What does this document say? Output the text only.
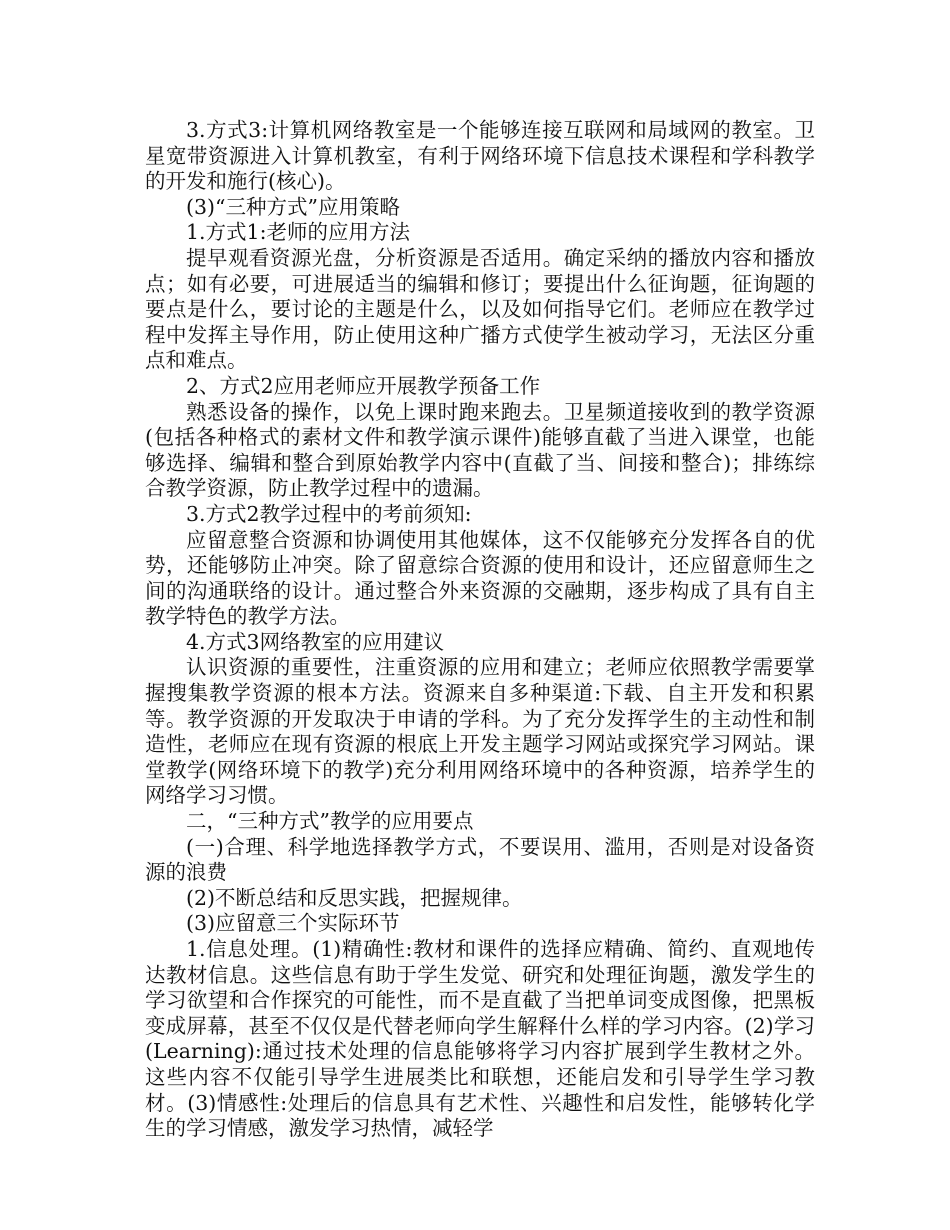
3.方式3:计算机网络教室是一个能够连接互联网和局域网的教室。卫星宽带资源进入计算机教室，有利于网络环境下信息技术课程和学科教学的开发和施行(核心)。

(3)“三种方式”应用策略

1.方式1:老师的应用方法

提早观看资源光盘，分析资源是否适用。确定采纳的播放内容和播放点；如有必要，可进展适当的编辑和修订；要提出什么征询题，征询题的要点是什么，要讨论的主题是什么，以及如何指导它们。老师应在教学过程中发挥主导作用，防止使用这种广播方式使学生被动学习，无法区分重点和难点。

2、方式2应用老师应开展教学预备工作

熟悉设备的操作，以免上课时跑来跑去。卫星频道接收到的教学资源(包括各种格式的素材文件和教学演示课件)能够直截了当进入课堂，也能够选择、编辑和整合到原始教学内容中(直截了当、间接和整合)；排练综合教学资源，防止教学过程中的遗漏。

3.方式2教学过程中的考前须知:

应留意整合资源和协调使用其他媒体，这不仅能够充分发挥各自的优势，还能够防止冲突。除了留意综合资源的使用和设计，还应留意师生之间的沟通联络的设计。通过整合外来资源的交融期，逐步构成了具有自主教学特色的教学方法。

4.方式3网络教室的应用建议

认识资源的重要性，注重资源的应用和建立；老师应依照教学需要掌握搜集教学资源的根本方法。资源来自多种渠道:下载、自主开发和积累等。教学资源的开发取决于申请的学科。为了充分发挥学生的主动性和制造性，老师应在现有资源的根底上开发主题学习网站或探究学习网站。课堂教学(网络环境下的教学)充分利用网络环境中的各种资源，培养学生的网络学习习惯。

二，“三种方式”教学的应用要点

(一)合理、科学地选择教学方式，不要误用、滥用，否则是对设备资源的浪费

(2)不断总结和反思实践，把握规律。

(3)应留意三个实际环节

1.信息处理。(1)精确性:教材和课件的选择应精确、简约、直观地传达教材信息。这些信息有助于学生发觉、研究和处理征询题，激发学生的学习欲望和合作探究的可能性，而不是直截了当把单词变成图像，把黑板变成屏幕，甚至不仅仅是代替老师向学生解释什么样的学习内容。(2)学习(Learning):通过技术处理的信息能够将学习内容扩展到学生教材之外。这些内容不仅能引导学生进展类比和联想，还能启发和引导学生学习教材。(3)情感性:处理后的信息具有艺术性、兴趣性和启发性，能够转化学生的学习情感，激发学习热情，减轻学
